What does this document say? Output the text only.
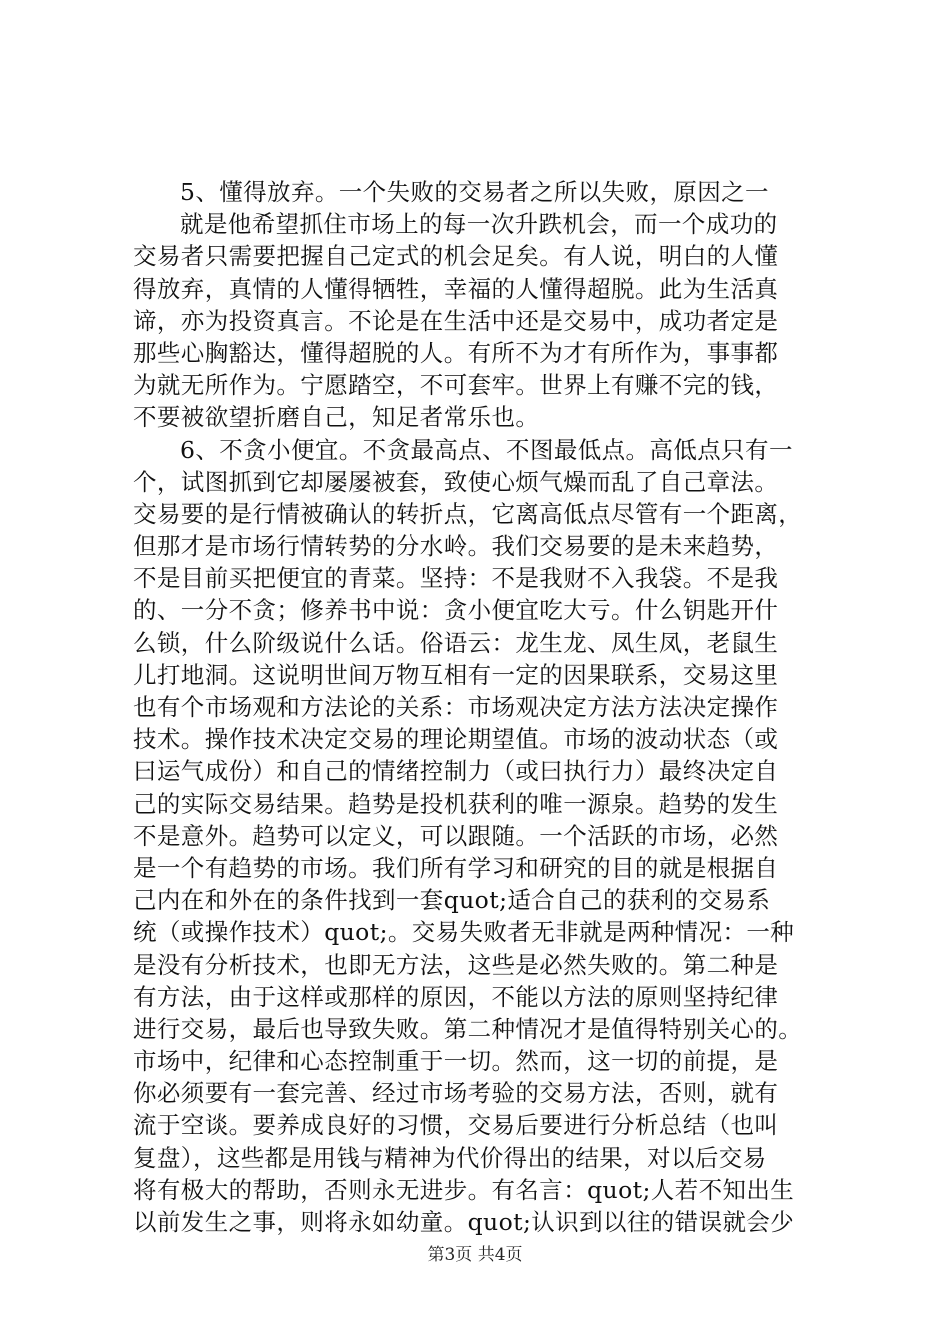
5、懂得放弃。一个失败的交易者之所以失败，原因之一
就是他希望抓住市场上的每一次升跌机会，而一个成功的
交易者只需要把握自己定式的机会足矣。有人说，明白的人懂
得放弃，真情的人懂得牺牲，幸福的人懂得超脱。此为生活真
谛，亦为投资真言。不论是在生活中还是交易中，成功者定是
那些心胸豁达，懂得超脱的人。有所不为才有所作为，事事都
为就无所作为。宁愿踏空，不可套牢。世界上有赚不完的钱，
不要被欲望折磨自己，知足者常乐也。
6、不贪小便宜。不贪最高点、不图最低点。高低点只有一
个，试图抓到它却屡屡被套，致使心烦气燥而乱了自己章法。
交易要的是行情被确认的转折点，它离高低点尽管有一个距离，
但那才是市场行情转势的分水岭。我们交易要的是未来趋势，
不是目前买把便宜的青菜。坚持：不是我财不入我袋。不是我
的、一分不贪；修养书中说：贪小便宜吃大亏。什么钥匙开什
么锁，什么阶级说什么话。俗语云：龙生龙、凤生凤，老鼠生
儿打地洞。这说明世间万物互相有一定的因果联系，交易这里
也有个市场观和方法论的关系：市场观决定方法方法决定操作
技术。操作技术决定交易的理论期望值。市场的波动状态（或
曰运气成份）和自己的情绪控制力（或曰执行力）最终决定自
己的实际交易结果。趋势是投机获利的唯一源泉。趋势的发生
不是意外。趋势可以定义，可以跟随。一个活跃的市场，必然
是一个有趋势的市场。我们所有学习和研究的目的就是根据自
己内在和外在的条件找到一套quot;适合自己的获利的交易系
统（或操作技术）quot;。交易失败者无非就是两种情况：一种
是没有分析技术，也即无方法，这些是必然失败的。第二种是
有方法，由于这样或那样的原因，不能以方法的原则坚持纪律
进行交易，最后也导致失败。第二种情况才是值得特别关心的。
市场中，纪律和心态控制重于一切。然而，这一切的前提，是
你必须要有一套完善、经过市场考验的交易方法，否则，就有
流于空谈。要养成良好的习惯，交易后要进行分析总结（也叫
复盘），这些都是用钱与精神为代价得出的结果，对以后交易
将有极大的帮助，否则永无进步。有名言：quot;人若不知出生
以前发生之事，则将永如幼童。quot;认识到以往的错误就会少
第3页 共4页
